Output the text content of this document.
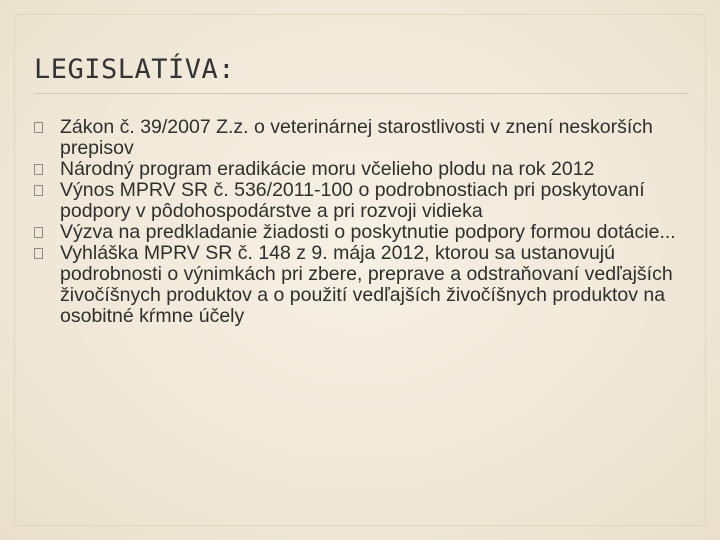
LEGISLATÍVA:
Zákon č. 39/2007 Z.z. o veterinárnej starostlivosti v znení neskorších prepisov
Národný program eradikácie moru včelieho plodu na rok 2012
Výnos MPRV SR č. 536/2011-100 o podrobnostiach pri poskytovaní podpory v pôdohospodárstve a pri rozvoji vidieka
Výzva na predkladanie žiadosti o poskytnutie podpory formou dotácie...
Vyhláška MPRV SR č. 148 z 9. mája 2012, ktorou sa ustanovujú podrobnosti o výnimkách pri zbere, preprave a odstraňovaní vedľajších živočíšnych produktov a o použití vedľajších živočíšnych produktov na osobitné kŕmne účely
